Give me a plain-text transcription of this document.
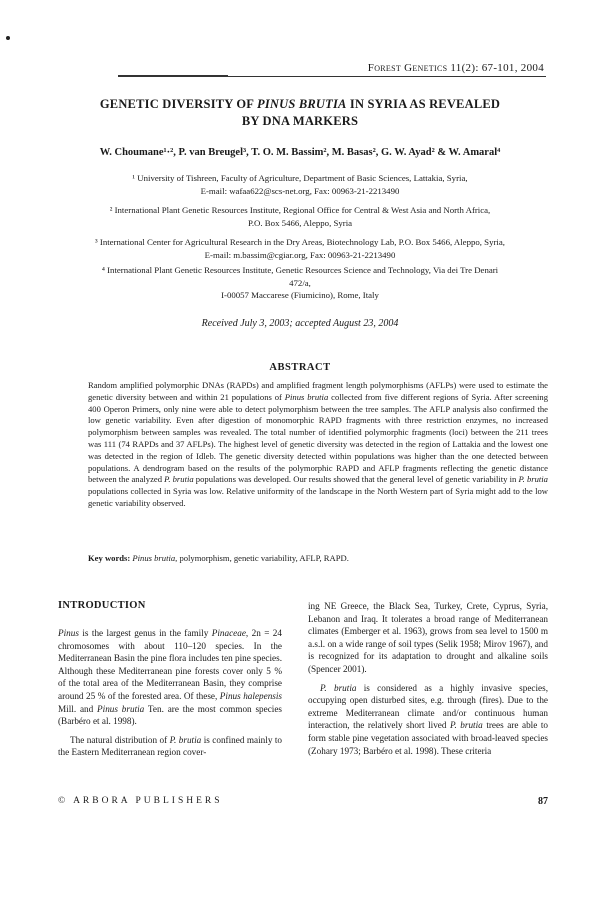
Forest Genetics 11(2): 67-101, 2004
GENETIC DIVERSITY OF PINUS BRUTIA IN SYRIA AS REVEALED
BY DNA MARKERS
W. Choumane¹·², P. van Breugel³, T. O. M. Bassim², M. Basas², G. W. Ayad² & W. Amaral⁴
¹ University of Tishreen, Faculty of Agriculture, Department of Basic Sciences, Lattakia, Syria,
E-mail: wafaa622@scs-net.org, Fax: 00963-21-2213490
² International Plant Genetic Resources Institute, Regional Office for Central & West Asia and North Africa,
P.O. Box 5466, Aleppo, Syria
³ International Center for Agricultural Research in the Dry Areas, Biotechnology Lab, P.O. Box 5466, Aleppo, Syria,
E-mail: m.bassim@cgiar.org, Fax: 00963-21-2213490
⁴ International Plant Genetic Resources Institute, Genetic Resources Science and Technology, Via dei Tre Denari
472/a,
I-00057 Maccarese (Fiumicino), Rome, Italy
Received July 3, 2003; accepted August 23, 2004
ABSTRACT
Random amplified polymorphic DNAs (RAPDs) and amplified fragment length polymorphisms (AFLPs) were used to estimate the genetic diversity between and within 21 populations of Pinus brutia collected from five different regions of Syria. After screening 400 Operon Primers, only nine were able to detect polymorphism between the tree samples. The AFLP analysis also confirmed the low genetic variability. Even after digestion of monomorphic RAPD fragments with three restriction enzymes, no increased polymorphism between samples was revealed. The total number of identified polymorphic fragments (loci) between the 211 trees was 111 (74 RAPDs and 37 AFLPs). The highest level of genetic diversity was detected in the region of Lattakia and the lowest one was detected in the region of Idleb. The genetic diversity detected within populations was higher than the one detected between populations. A dendrogram based on the results of the polymorphic RAPD and AFLP fragments reflecting the genetic distance between the analyzed P. brutia populations was developed. Our results showed that the general level of genetic variability in P. brutia populations collected in Syria was low. Relative uniformity of the landscape in the North Western part of Syria might add to the low genetic variability observed.
Key words: Pinus brutia, polymorphism, genetic variability, AFLP, RAPD.
INTRODUCTION

Pinus is the largest genus in the family Pinaceae, 2n = 24 chromosomes with about 110–120 species. In the Mediterranean Basin the pine flora includes ten pine species. Although these Mediterranean pine forests cover only 5 % of the total area of the Mediterranean Basin, they comprise around 25 % of the forested area. Of these, Pinus halepensis Mill. and Pinus brutia Ten. are the most common species (Barbéro et al. 1998).

The natural distribution of P. brutia is confined mainly to the Eastern Mediterranean region cover-

ing NE Greece, the Black Sea, Turkey, Crete, Cyprus, Syria, Lebanon and Iraq. It tolerates a broad range of Mediterranean climates (Emberger et al. 1963), grows from sea level to 1500 m a.s.l. on a wide range of soil types (Selik 1958; Mirov 1967), and is recognized for its adaptation to drought and alkaline soils (Spencer 2001).

P. brutia is considered as a highly invasive species, occupying open disturbed sites, e.g. through (fires). Due to the extreme Mediterranean climate and/or continuous human interaction, the relatively short lived P. brutia trees are able to form stable pine vegetation associated with broad-leaved species (Zohary 1973; Barbéro et al. 1998). These criteria

© ARBORA PUBLISHERS	87
